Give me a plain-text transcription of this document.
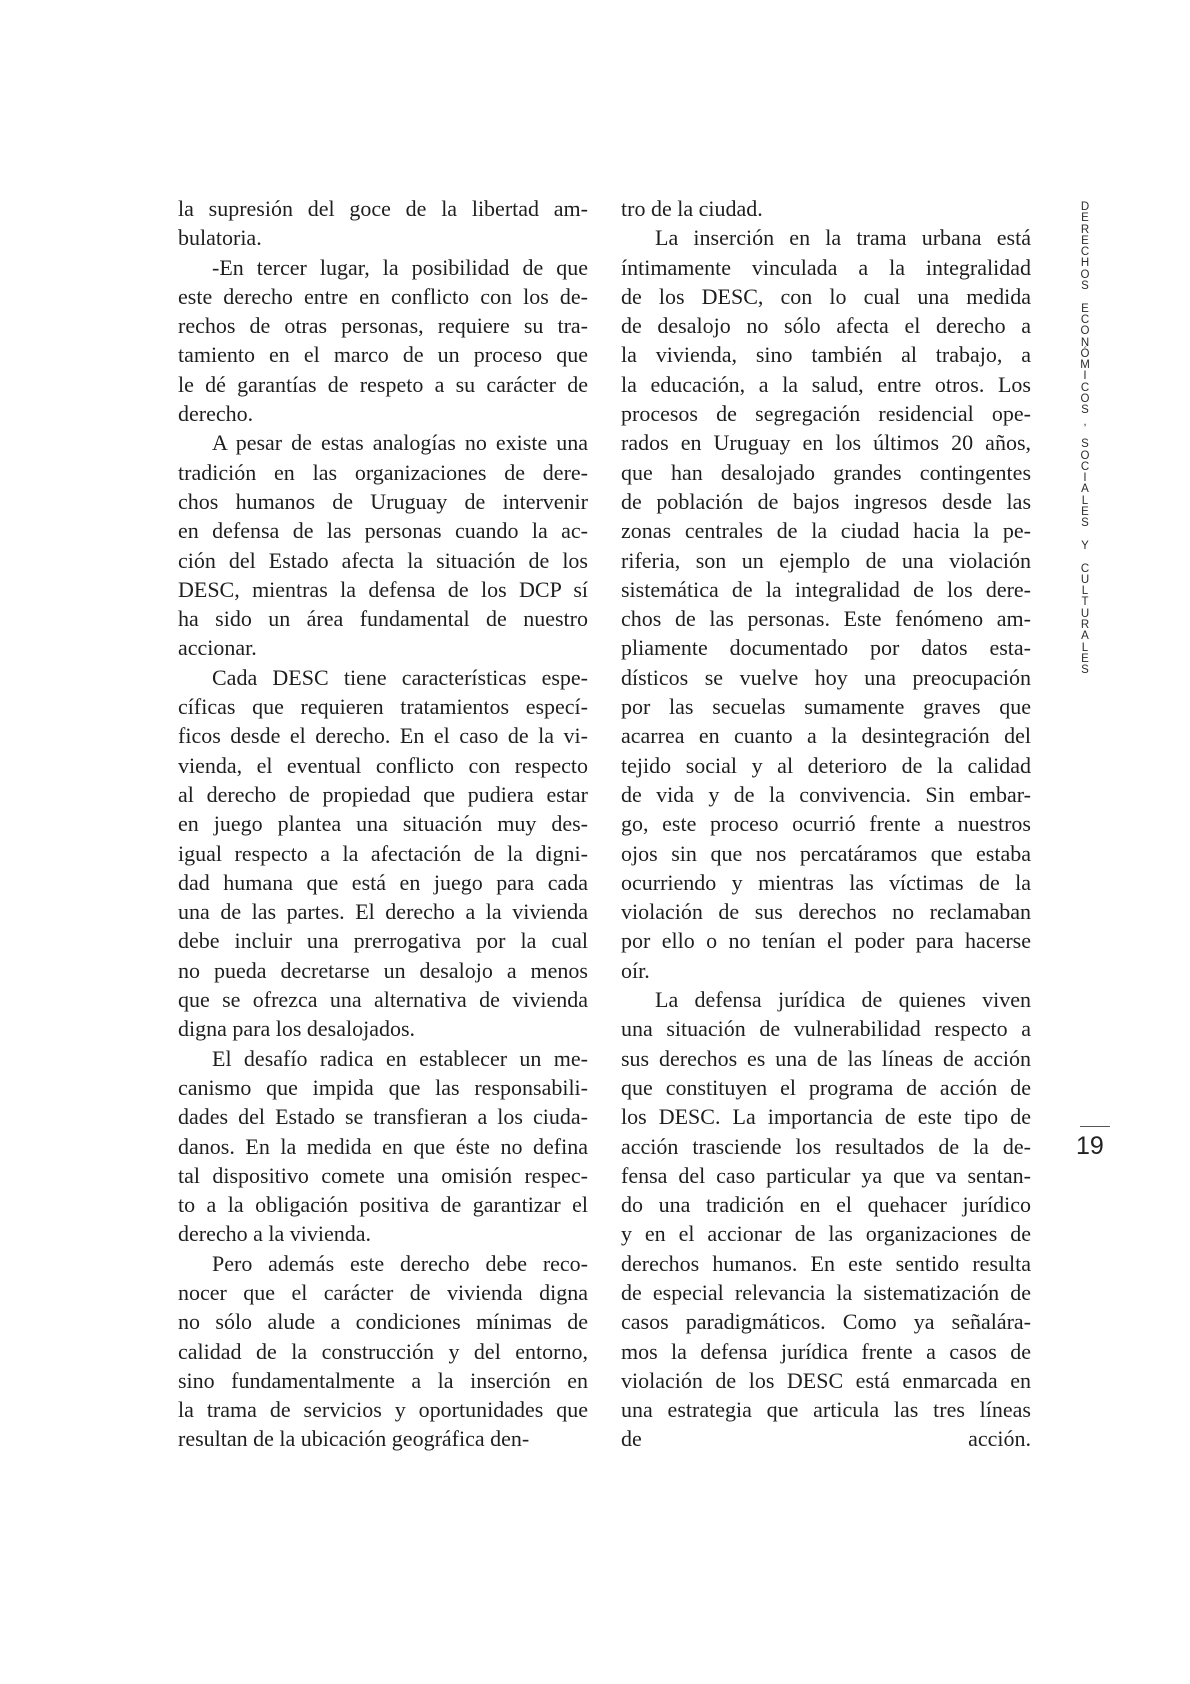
la supresión del goce de la libertad am-
bulatoria.
-En tercer lugar, la posibilidad de que
este derecho entre en conflicto con los de-
rechos de otras personas, requiere su tra-
tamiento en el marco de un proceso que
le dé garantías de respeto a su carácter de
derecho.
A pesar de estas analogías no existe una
tradición en las organizaciones de dere-
chos humanos de Uruguay de intervenir
en defensa de las personas cuando la ac-
ción del Estado afecta la situación de los
DESC, mientras la defensa de los DCP sí
ha sido un área fundamental de nuestro
accionar.
Cada DESC tiene características espe-
cíficas que requieren tratamientos especí-
ficos desde el derecho. En el caso de la vi-
vienda, el eventual conflicto con respecto
al derecho de propiedad que pudiera estar
en juego plantea una situación muy des-
igual respecto a la afectación de la digni-
dad humana que está en juego para cada
una de las partes. El derecho a la vivienda
debe incluir una prerrogativa por la cual
no pueda decretarse un desalojo a menos
que se ofrezca una alternativa de vivienda
digna para los desalojados.
El desafío radica en establecer un me-
canismo que impida que las responsabili-
dades del Estado se transfieran a los ciuda-
danos. En la medida en que éste no defina
tal dispositivo comete una omisión respec-
to a la obligación positiva de garantizar el
derecho a la vivienda.
Pero además este derecho debe reco-
nocer que el carácter de vivienda digna
no sólo alude a condiciones mínimas de
calidad de la construcción y del entorno,
sino fundamentalmente a la inserción en
la trama de servicios y oportunidades que
resultan de la ubicación geográfica den-
tro de la ciudad.
La inserción en la trama urbana está
íntimamente vinculada a la integralidad
de los DESC, con lo cual una medida
de desalojo no sólo afecta el derecho a
la vivienda, sino también al trabajo, a
la educación, a la salud, entre otros. Los
procesos de segregación residencial ope-
rados en Uruguay en los últimos 20 años,
que han desalojado grandes contingentes
de población de bajos ingresos desde las
zonas centrales de la ciudad hacia la pe-
riferia, son un ejemplo de una violación
sistemática de la integralidad de los dere-
chos de las personas. Este fenómeno am-
pliamente documentado por datos esta-
dísticos se vuelve hoy una preocupación
por las secuelas sumamente graves que
acarrea en cuanto a la desintegración del
tejido social y al deterioro de la calidad
de vida y de la convivencia. Sin embar-
go, este proceso ocurrió frente a nuestros
ojos sin que nos percatáramos que estaba
ocurriendo y mientras las víctimas de la
violación de sus derechos no reclamaban
por ello o no tenían el poder para hacerse
oír.
La defensa jurídica de quienes viven
una situación de vulnerabilidad respecto a
sus derechos es una de las líneas de acción
que constituyen el programa de acción de
los DESC. La importancia de este tipo de
acción trasciende los resultados de la de-
fensa del caso particular ya que va sentan-
do una tradición en el quehacer jurídico
y en el accionar de las organizaciones de
derechos humanos. En este sentido resulta
de especial relevancia la sistematización de
casos paradigmáticos. Como ya señalára-
mos la defensa jurídica frente a casos de
violación de los DESC está enmarcada en
una estrategia que articula las tres líneas
de acción.
D
E
R
E
C
H
O
S

E
C
O
N
Ó
M
I
C
O
S
,

S
O
C
I
A
L
E
S

Y

C
U
L
T
U
R
A
L
E
S
19
